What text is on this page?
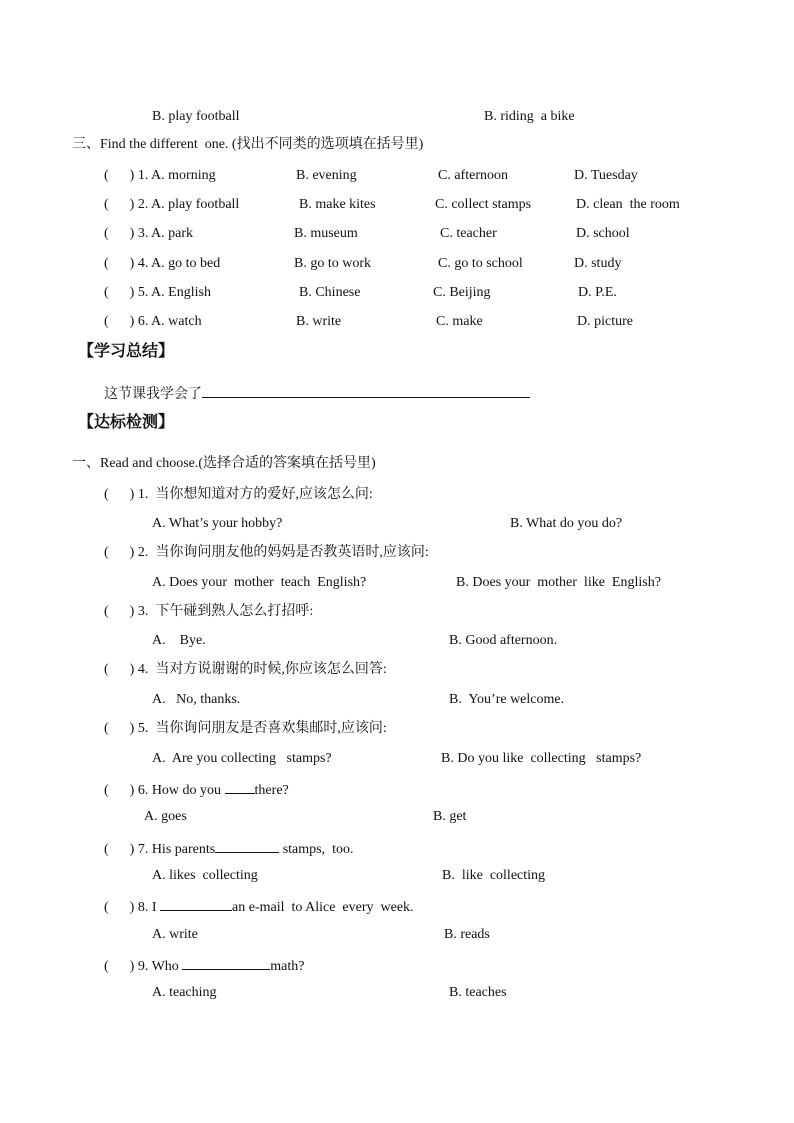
B. play football	B. riding  a bike
三、Find the different  one. (找出不同类的选项填在括号里)
(      ) 1. A. morning	B. evening	C. afternoon	D. Tuesday
(      ) 2. A. play football	B. make kites	C. collect stamps	D. clean  the room
(      ) 3. A. park	B. museum	C. teacher	D. school
(      ) 4. A. go to bed	B. go to work	C. go to school	D. study
(      ) 5. A. English	B. Chinese	C. Beijing	D. P.E.
(      ) 6. A. watch	B. write	C. make	D. picture
【学习总结】
这节课我学会了
【达标检测】
一、Read and choose.(选择合适的答案填在括号里)
(      ) 1.  当你想知道对方的爱好,应该怎么问:
A. What’s your hobby?	B. What do you do?
(      ) 2.  当你询问朋友他的妈妈是否教英语时,应该问:
A. Does your  mother  teach  English?	B. Does your  mother  like  English?
(      ) 3.  下午碰到熟人怎么打招呼:
A.    Bye.	B. Good afternoon.
(      ) 4.  当对方说谢谢的时候,你应该怎么回答:
A.   No, thanks.	B.  You’re welcome.
(      ) 5.  当你询问朋友是否喜欢集邮时,应该问:
A.  Are you collecting   stamps?	B. Do you like  collecting   stamps?
(      ) 6. How do you there?
A. goes	B. get
(      ) 7. His parents	stamps,  too.
A. likes  collecting	B.  like  collecting
(      ) 8. I	an e-mail  to Alice  every  week.
A. write	B. reads
(      ) 9. Who	math?
A. teaching	B. teaches
